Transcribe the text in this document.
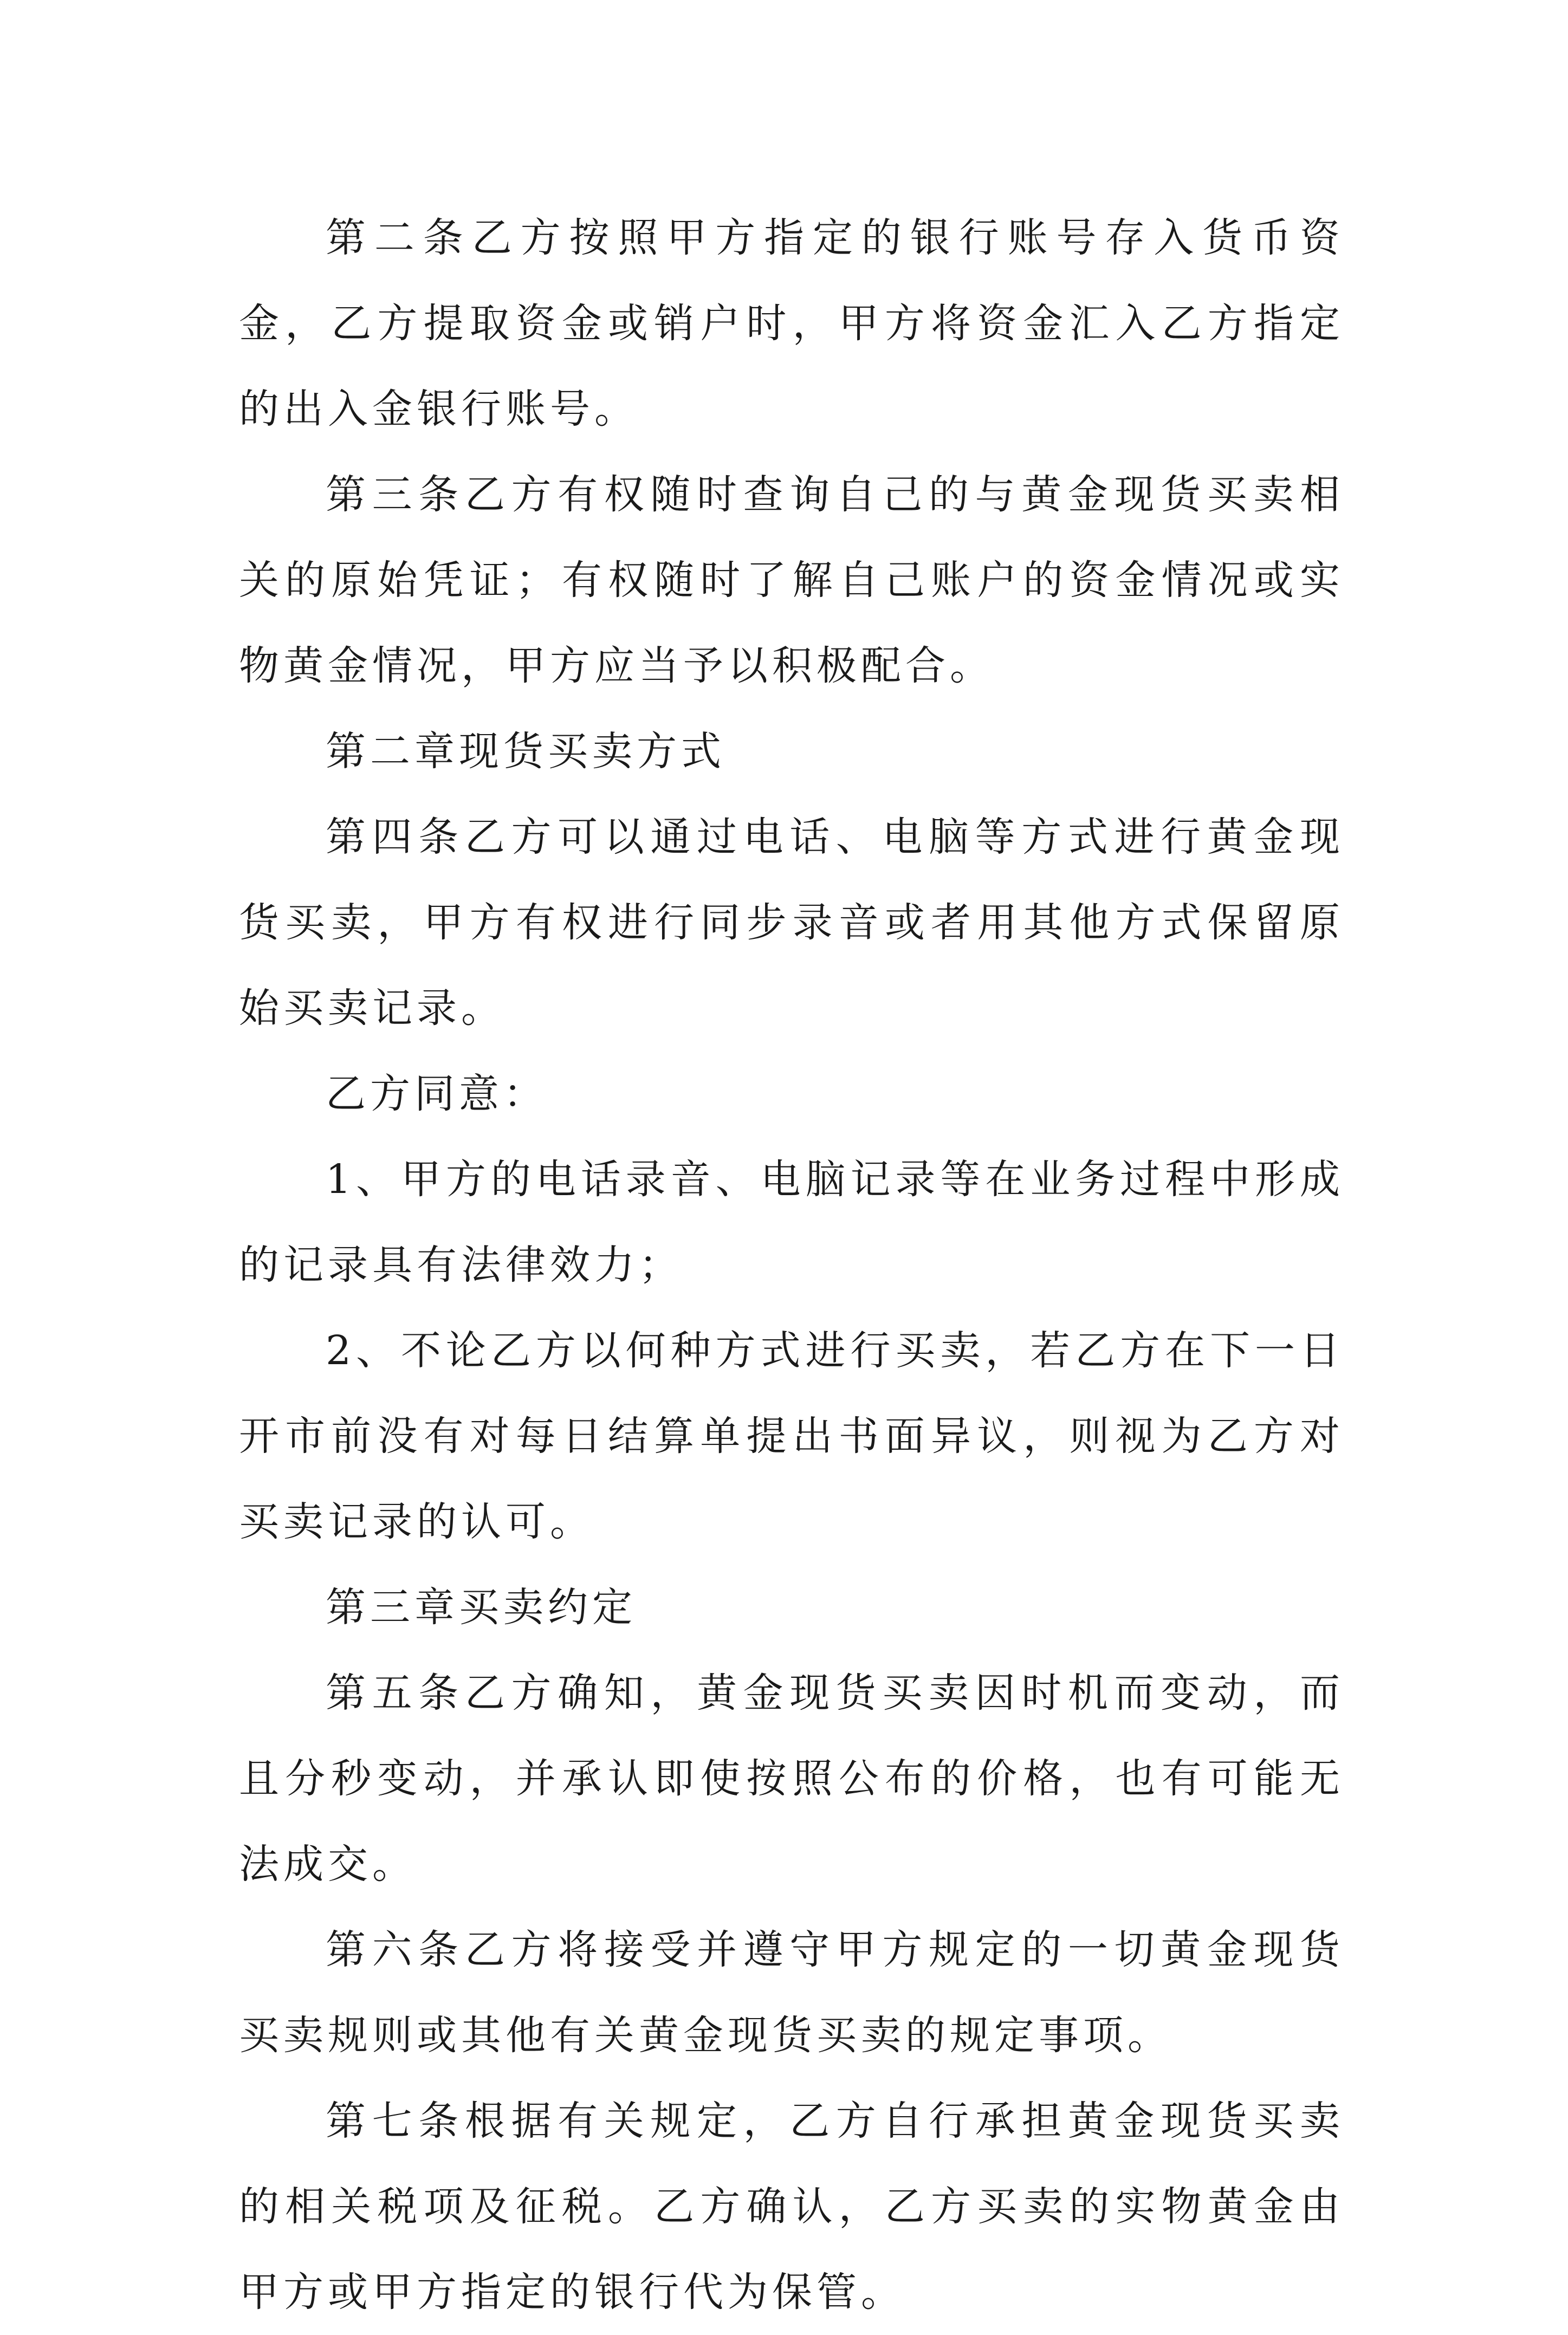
第二条乙方按照甲方指定的银行账号存入货币资金，乙方提取资金或销户时，甲方将资金汇入乙方指定的出入金银行账号。

第三条乙方有权随时查询自己的与黄金现货买卖相关的原始凭证；有权随时了解自己账户的资金情况或实物黄金情况，甲方应当予以积极配合。

第二章现货买卖方式

第四条乙方可以通过电话、电脑等方式进行黄金现货买卖，甲方有权进行同步录音或者用其他方式保留原始买卖记录。

乙方同意：

1、甲方的电话录音、电脑记录等在业务过程中形成的记录具有法律效力；

2、不论乙方以何种方式进行买卖，若乙方在下一日开市前没有对每日结算单提出书面异议，则视为乙方对买卖记录的认可。

第三章买卖约定

第五条乙方确知，黄金现货买卖因时机而变动，而且分秒变动，并承认即使按照公布的价格，也有可能无法成交。

第六条乙方将接受并遵守甲方规定的一切黄金现货买卖规则或其他有关黄金现货买卖的规定事项。

第七条根据有关规定，乙方自行承担黄金现货买卖的相关税项及征税。乙方确认，乙方买卖的实物黄金由甲方或甲方指定的银行代为保管。
